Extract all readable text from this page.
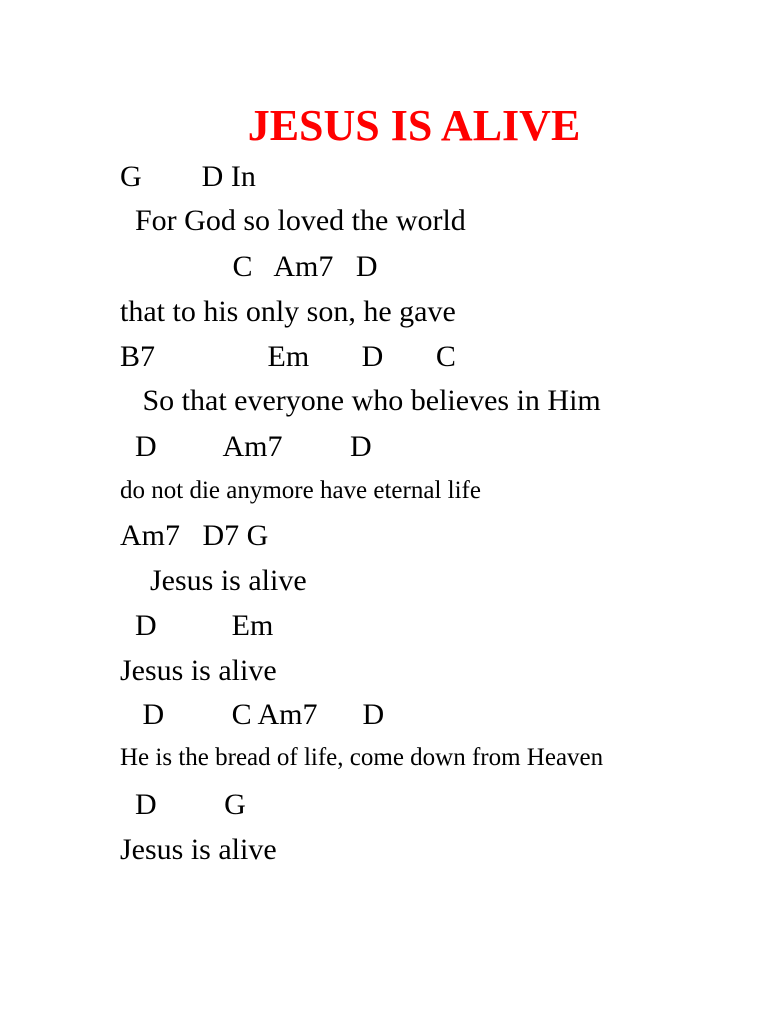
JESUS IS ALIVE

G        D In

For God so loved the world

C   Am7   D

that to his only son, he gave

B7               Em       D       C

So that everyone who believes in Him

D         Am7         D

do not die anymore have eternal life

Am7   D7 G

Jesus is alive

D          Em

Jesus is alive

D         C Am7      D

He is the bread of life, come down from Heaven

D         G

Jesus is alive
